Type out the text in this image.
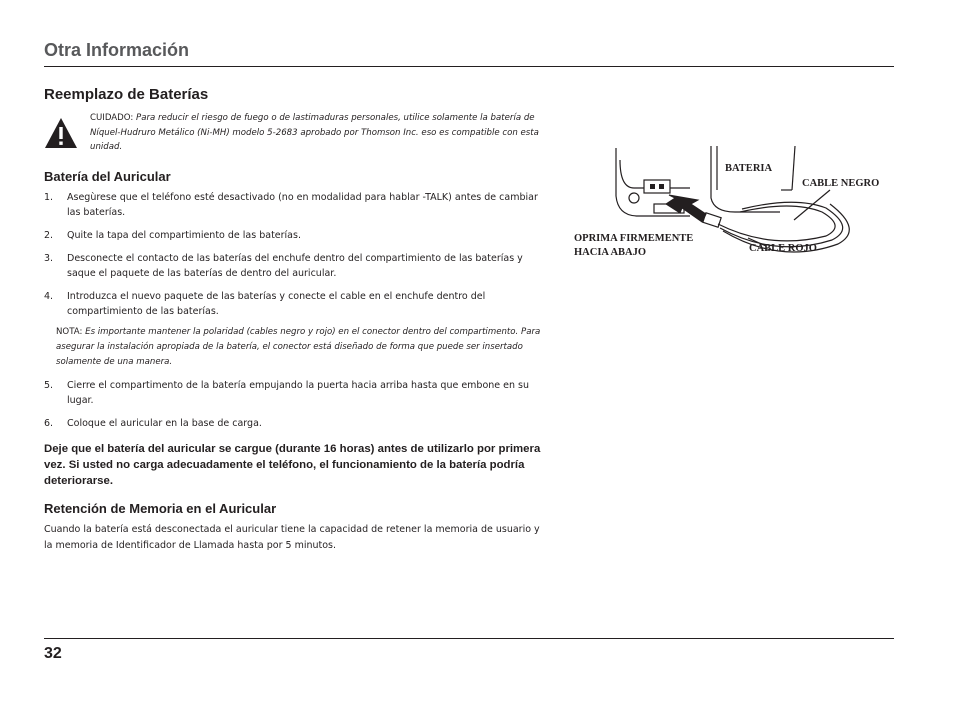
Otra Información
Reemplazo de Baterías
CUIDADO: Para reducir el riesgo de fuego o de lastimaduras personales, utilice solamente la batería de Níquel-Hudruro Metálico (Ni-MH) modelo 5-2683 aprobado por Thomson Inc. eso es compatible con esta unidad.
Batería del Auricular
1. Asegùrese que el teléfono esté desactivado (no en modalidad para hablar -TALK) antes de cambiar las baterías.
2. Quite la tapa del compartimiento de las baterías.
3. Desconecte el contacto de las baterías del enchufe dentro del compartimiento de las baterías y saque el paquete de las baterías de dentro del auricular.
4. Introduzca el nuevo paquete de las baterías y conecte el cable en el enchufe dentro del compartimiento de las baterías.
NOTA: Es importante mantener la polaridad (cables negro y rojo) en el conector dentro del compartimento. Para asegurar la instalación apropiada de la batería, el conector está diseñado de forma que puede ser insertado solamente de una manera.
5. Cierre el compartimento de la batería empujando la puerta hacia arriba hasta que embone en su lugar.
6. Coloque el auricular en la base de carga.

Deje que el batería del auricular se cargue (durante 16 horas) antes de utilizarlo por primera vez. Si usted no carga adecuadamente el teléfono, el funcionamiento de la batería podría deteriorarse.

Retención de Memoria en el Auricular

Cuando la batería está desconectada el auricular tiene la capacidad de retener la memoria de usuario y la memoria de Identificador de Llamada hasta por 5 minutos.

BATERIA
CABLE NEGRO
OPRIMA FIRMEMENTE
HACIA ABAJO	CABLE ROJO
32
